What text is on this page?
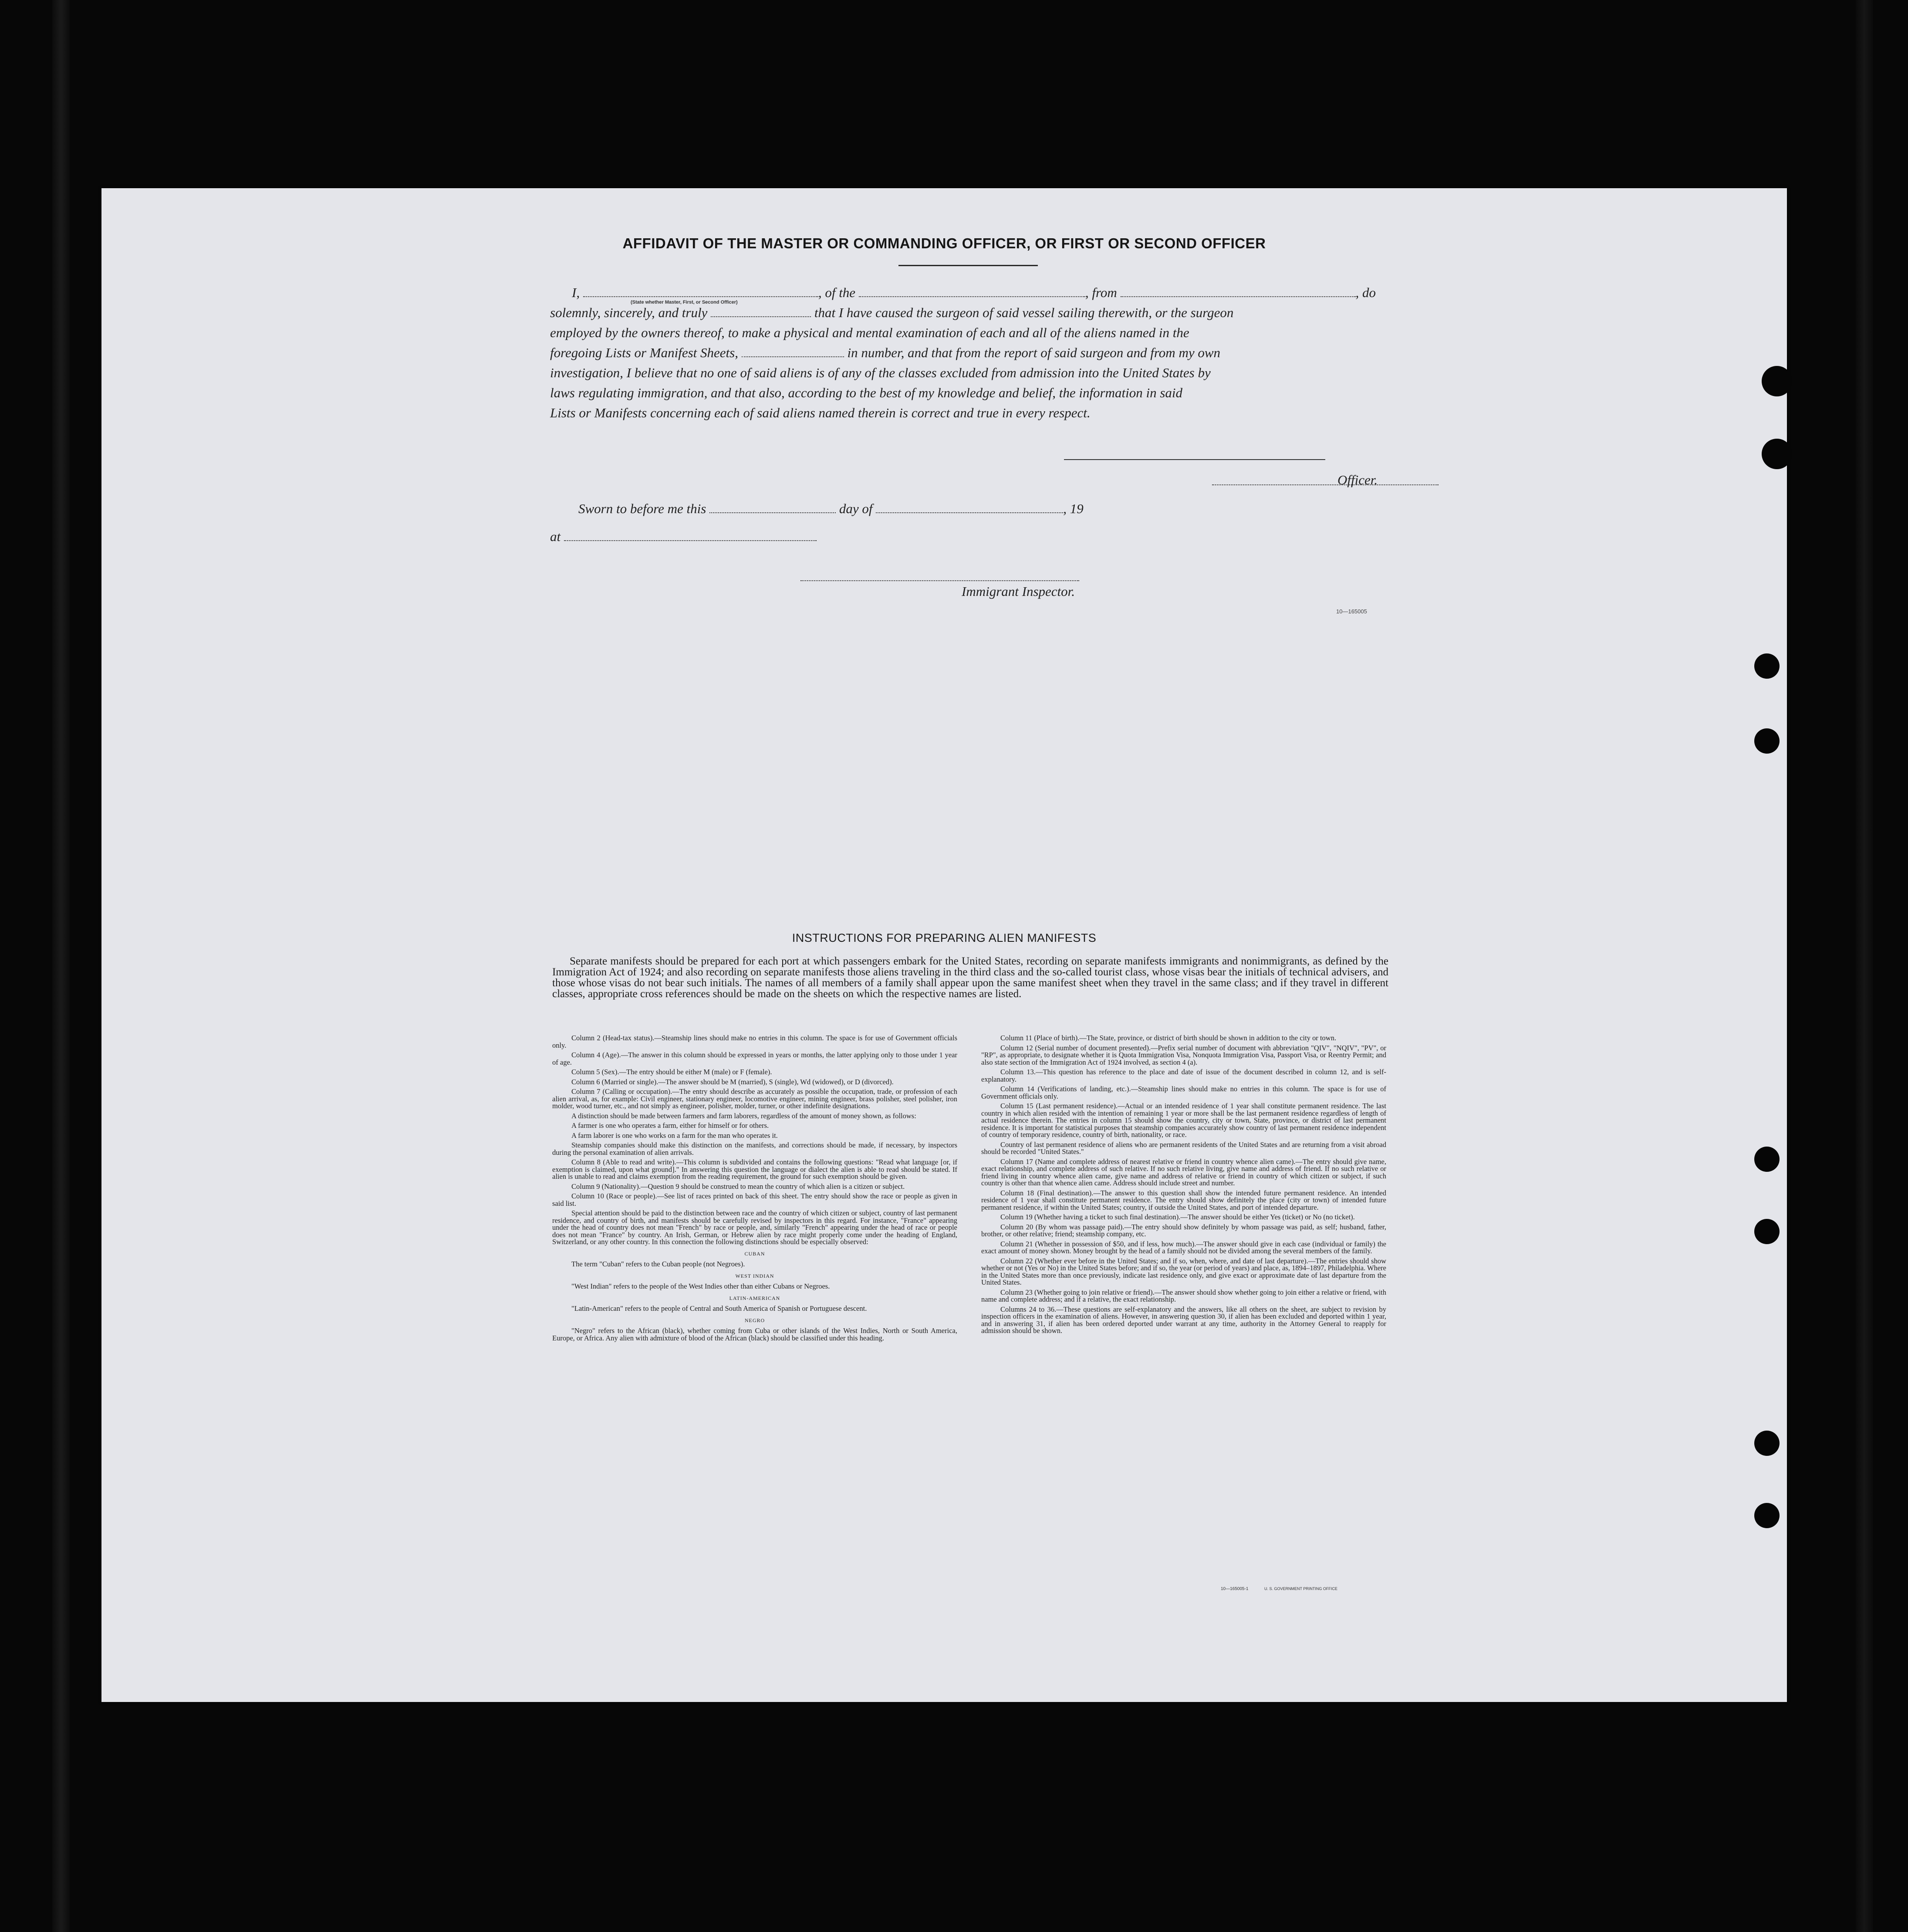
AFFIDAVIT OF THE MASTER OR COMMANDING OFFICER, OR FIRST OR SECOND OFFICER
I,	, of the	, from	, do
(State whether Master, First, or Second Officer)
solemnly, sincerely, and truly	that I have caused the surgeon of said vessel sailing therewith, or the surgeon
employed by the owners thereof, to make a physical and mental examination of each and all of the aliens named in the
foregoing Lists or Manifest Sheets,	in number, and that from the report of said surgeon and from my own
investigation, I believe that no one of said aliens is of any of the classes excluded from admission into the United States by
laws regulating immigration, and that also, according to the best of my knowledge and belief, the information in said
Lists or Manifests concerning each of said aliens named therein is correct and true in every respect.
Officer.
Sworn to before me this	day of	, 19
at
Immigrant Inspector.
10—165005
INSTRUCTIONS FOR PREPARING ALIEN MANIFESTS

Separate manifests should be prepared for each port at which passengers embark for the United States, recording on separate manifests immigrants and nonimmigrants, as defined by the Immigration Act of 1924; and also recording on separate manifests those aliens traveling in the third class and the so-called tourist class, whose visas bear the initials of technical advisers, and those whose visas do not bear such initials. The names of all members of a family shall appear upon the same manifest sheet when they travel in the same class; and if they travel in different classes, appropriate cross references should be made on the sheets on which the respective names are listed.

Column 2 (Head-tax status).—Steamship lines should make no entries in this column. The space is for use of Government officials only.

Column 4 (Age).—The answer in this column should be expressed in years or months, the latter applying only to those under 1 year of age.

Column 5 (Sex).—The entry should be either M (male) or F (female).

Column 6 (Married or single).—The answer should be M (married), S (single), Wd (widowed), or D (divorced).

Column 7 (Calling or occupation).—The entry should describe as accurately as possible the occupation, trade, or profession of each alien arrival, as, for example: Civil engineer, stationary engineer, locomotive engineer, mining engineer, brass polisher, steel polisher, iron molder, wood turner, etc., and not simply as engineer, polisher, molder, turner, or other indefinite designations.

A distinction should be made between farmers and farm laborers, regardless of the amount of money shown, as follows:

A farmer is one who operates a farm, either for himself or for others.

A farm laborer is one who works on a farm for the man who operates it.

Steamship companies should make this distinction on the manifests, and corrections should be made, if necessary, by inspectors during the personal examination of alien arrivals.

Column 8 (Able to read and write).—This column is subdivided and contains the following questions: "Read what language [or, if exemption is claimed, upon what ground]." In answering this question the language or dialect the alien is able to read should be stated. If alien is unable to read and claims exemption from the reading requirement, the ground for such exemption should be given.

Column 9 (Nationality).—Question 9 should be construed to mean the country of which alien is a citizen or subject.

Column 10 (Race or people).—See list of races printed on back of this sheet. The entry should show the race or people as given in said list.

Special attention should be paid to the distinction between race and the country of which citizen or subject, country of last permanent residence, and country of birth, and manifests should be carefully revised by inspectors in this regard. For instance, "France" appearing under the head of country does not mean "French" by race or people, and, similarly "French" appearing under the head of race or people does not mean "France" by country. An Irish, German, or Hebrew alien by race might properly come under the heading of England, Switzerland, or any other country. In this connection the following distinctions should be especially observed:

CUBAN

The term "Cuban" refers to the Cuban people (not Negroes).

WEST INDIAN

"West Indian" refers to the people of the West Indies other than either Cubans or Negroes.

LATIN-AMERICAN

"Latin-American" refers to the people of Central and South America of Spanish or Portuguese descent.

NEGRO

"Negro" refers to the African (black), whether coming from Cuba or other islands of the West Indies, North or South America, Europe, or Africa. Any alien with admixture of blood of the African (black) should be classified under this heading.

Column 11 (Place of birth).—The State, province, or district of birth should be shown in addition to the city or town.

Column 12 (Serial number of document presented).—Prefix serial number of document with abbreviation "QIV", "NQIV", "PV", or "RP", as appropriate, to designate whether it is Quota Immigration Visa, Nonquota Immigration Visa, Passport Visa, or Reentry Permit; and also state section of the Immigration Act of 1924 involved, as section 4 (a).

Column 13.—This question has reference to the place and date of issue of the document described in column 12, and is self-explanatory.

Column 14 (Verifications of landing, etc.).—Steamship lines should make no entries in this column. The space is for use of Government officials only.

Column 15 (Last permanent residence).—Actual or an intended residence of 1 year shall constitute permanent residence. The last country in which alien resided with the intention of remaining 1 year or more shall be the last permanent residence regardless of length of actual residence therein. The entries in column 15 should show the country, city or town, State, province, or district of last permanent residence. It is important for statistical purposes that steamship companies accurately show country of last permanent residence independent of country of temporary residence, country of birth, nationality, or race.

Country of last permanent residence of aliens who are permanent residents of the United States and are returning from a visit abroad should be recorded "United States."

Column 17 (Name and complete address of nearest relative or friend in country whence alien came).—The entry should give name, exact relationship, and complete address of such relative. If no such relative living, give name and address of friend. If no such relative or friend living in country whence alien came, give name and address of relative or friend in country of which citizen or subject, if such country is other than that whence alien came. Address should include street and number.

Column 18 (Final destination).—The answer to this question shall show the intended future permanent residence. An intended residence of 1 year shall constitute permanent residence. The entry should show definitely the place (city or town) of intended future permanent residence, if within the United States; country, if outside the United States, and port of intended departure.

Column 19 (Whether having a ticket to such final destination).—The answer should be either Yes (ticket) or No (no ticket).

Column 20 (By whom was passage paid).—The entry should show definitely by whom passage was paid, as self; husband, father, brother, or other relative; friend; steamship company, etc.

Column 21 (Whether in possession of $50, and if less, how much).—The answer should give in each case (individual or family) the exact amount of money shown. Money brought by the head of a family should not be divided among the several members of the family.

Column 22 (Whether ever before in the United States; and if so, when, where, and date of last departure).—The entries should show whether or not (Yes or No) in the United States before; and if so, the year (or period of years) and place, as, 1894–1897, Philadelphia. Where in the United States more than once previously, indicate last residence only, and give exact or approximate date of last departure from the United States.

Column 23 (Whether going to join relative or friend).—The answer should show whether going to join either a relative or friend, with name and complete address; and if a relative, the exact relationship.

Columns 24 to 36.—These questions are self-explanatory and the answers, like all others on the sheet, are subject to revision by inspection officers in the examination of aliens. However, in answering question 30, if alien has been excluded and deported within 1 year, and in answering 31, if alien has been ordered deported under warrant at any time, authority in the Attorney General to reapply for admission should be shown.

10—165005-1	U. S. GOVERNMENT PRINTING OFFICE
